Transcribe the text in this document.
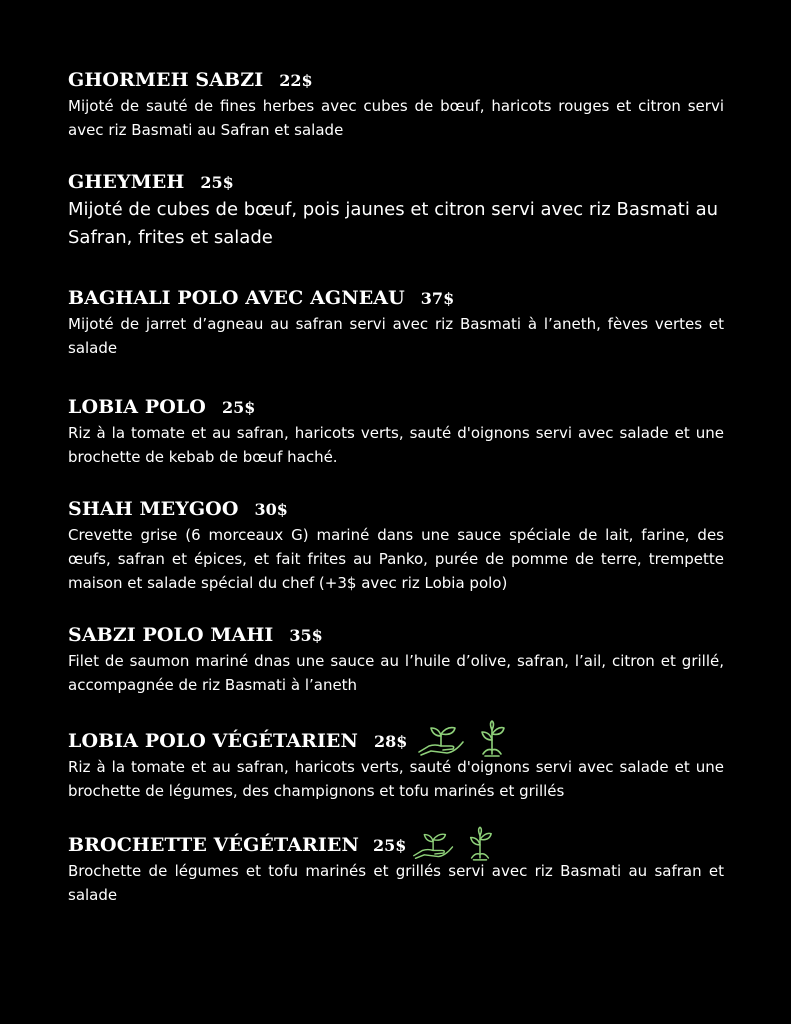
GHORMEH SABZI 22$

Mijoté de sauté de fines herbes avec cubes de bœuf, haricots rouges et citron servi avec riz Basmati au Safran et salade

GHEYMEH 25$

Mijoté de cubes de bœuf, pois jaunes et citron servi avec riz Basmati au Safran, frites et salade

BAGHALI POLO AVEC AGNEAU 37$

Mijoté de jarret d’agneau au safran servi avec riz Basmati à l’aneth, fèves vertes et salade

LOBIA POLO 25$

Riz à la tomate et au safran, haricots verts, sauté d'oignons servi avec salade et une brochette de kebab de bœuf haché.

SHAH MEYGOO 30$

Crevette grise (6 morceaux G) mariné dans une sauce spéciale de lait, farine, des œufs, safran et épices, et fait frites au Panko, purée de pomme de terre, trempette maison et salade spécial du chef (+3$ avec riz Lobia polo)

SABZI POLO MAHI 35$

Filet de saumon mariné dnas une sauce au l’huile d’olive, safran, l’ail, citron et grillé, accompagnée de riz Basmati à l’aneth

LOBIA POLO VÉGÉTARIEN 28$

Riz à la tomate et au safran, haricots verts, sauté d'oignons servi avec salade et une brochette de légumes, des champignons et tofu marinés et grillés

BROCHETTE VÉGÉTARIEN 25$

Brochette de légumes et tofu marinés et grillés servi avec riz Basmati au safran et salade
